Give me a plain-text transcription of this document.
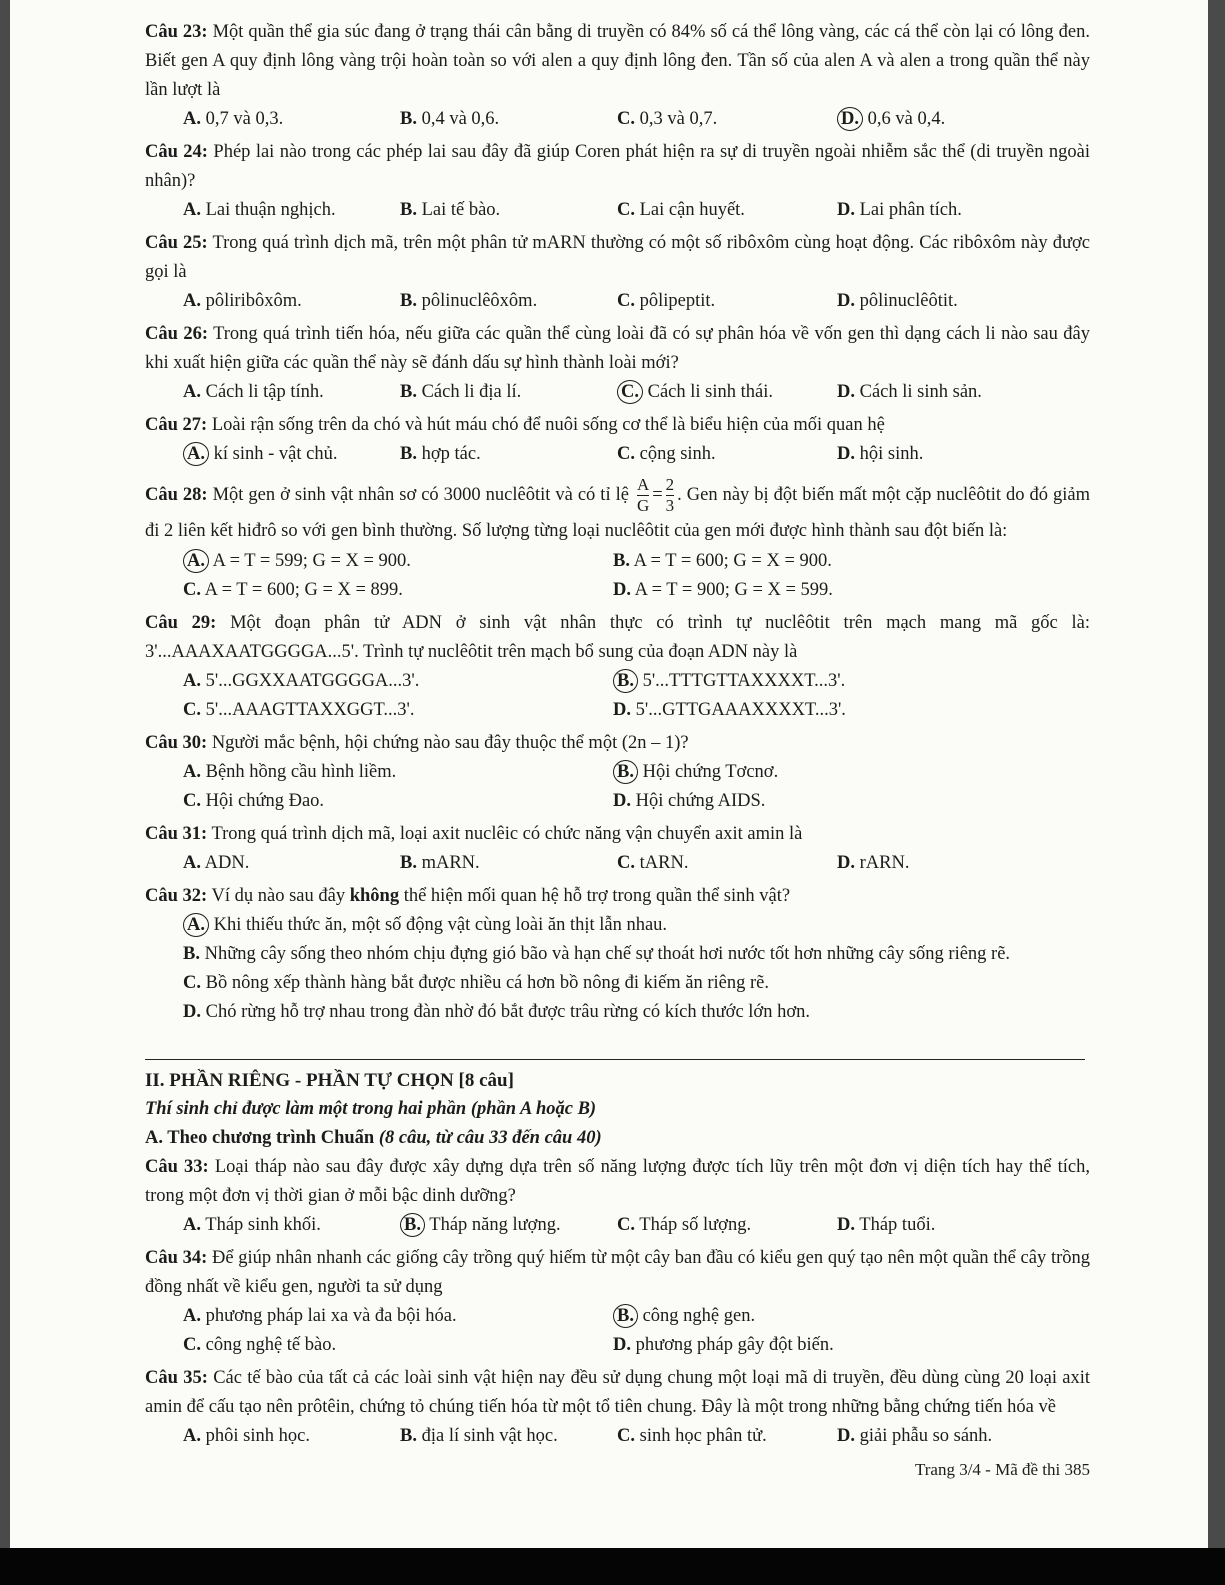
Câu 23: Một quần thể gia súc đang ở trạng thái cân bằng di truyền có 84% số cá thể lông vàng, các cá thể còn lại có lông đen. Biết gen A quy định lông vàng trội hoàn toàn so với alen a quy định lông đen. Tần số của alen A và alen a trong quần thể này lần lượt là

A. 0,7 và 0,3.	B. 0,4 và 0,6.	C. 0,3 và 0,7.	D. 0,6 và 0,4.

Câu 24: Phép lai nào trong các phép lai sau đây đã giúp Coren phát hiện ra sự di truyền ngoài nhiễm sắc thể (di truyền ngoài nhân)?

A. Lai thuận nghịch.	B. Lai tế bào.	C. Lai cận huyết.	D. Lai phân tích.

Câu 25: Trong quá trình dịch mã, trên một phân tử mARN thường có một số ribôxôm cùng hoạt động. Các ribôxôm này được gọi là

A. pôliribôxôm.	B. pôlinuclêôxôm.	C. pôlipeptit.	D. pôlinuclêôtit.

Câu 26: Trong quá trình tiến hóa, nếu giữa các quần thể cùng loài đã có sự phân hóa về vốn gen thì dạng cách li nào sau đây khi xuất hiện giữa các quần thể này sẽ đánh dấu sự hình thành loài mới?

A. Cách li tập tính.	B. Cách li địa lí.	C. Cách li sinh thái.	D. Cách li sinh sản.

Câu 27: Loài rận sống trên da chó và hút máu chó để nuôi sống cơ thể là biểu hiện của mối quan hệ

A. kí sinh - vật chủ.	B. hợp tác.	C. cộng sinh.	D. hội sinh.

Câu 28: Một gen ở sinh vật nhân sơ có 3000 nuclêôtit và có tỉ lệ $\frac{A}{G} = \frac{2}{3}$ . Gen này bị đột biến mất một cặp nuclêôtit do đó giảm đi 2 liên kết hiđrô so với gen bình thường. Số lượng từng loại nuclêôtit của gen mới được hình thành sau đột biến là:

A. A = T = 599; G = X = 900.	B. A = T = 600; G = X = 900.
C. A = T = 600; G = X = 899.	D. A = T = 900; G = X = 599.

Câu 29: Một đoạn phân tử ADN ở sinh vật nhân thực có trình tự nuclêôtit trên mạch mang mã gốc là: 3'...AAAXAATGGGGA...5'. Trình tự nuclêôtit trên mạch bổ sung của đoạn ADN này là

A. 5'...GGXXAATGGGGA...3'.	B. 5'...TTTGTTAXXXXT...3'.
C. 5'...AAAGTTAXXGGT...3'.	D. 5'...GTTGAAAXXXXT...3'.

Câu 30: Người mắc bệnh, hội chứng nào sau đây thuộc thể một (2n – 1)?

A. Bệnh hồng cầu hình liềm.	B. Hội chứng Tơcnơ.
C. Hội chứng Đao.	D. Hội chứng AIDS.

Câu 31: Trong quá trình dịch mã, loại axit nuclêic có chức năng vận chuyển axit amin là

A. ADN.	B. mARN.	C. tARN.	D. rARN.

Câu 32: Ví dụ nào sau đây không thể hiện mối quan hệ hỗ trợ trong quần thể sinh vật?

A. Khi thiếu thức ăn, một số động vật cùng loài ăn thịt lẫn nhau.
B. Những cây sống theo nhóm chịu đựng gió bão và hạn chế sự thoát hơi nước tốt hơn những cây sống riêng rẽ.
C. Bồ nông xếp thành hàng bắt được nhiều cá hơn bồ nông đi kiếm ăn riêng rẽ.
D. Chó rừng hỗ trợ nhau trong đàn nhờ đó bắt được trâu rừng có kích thước lớn hơn.

II. PHẦN RIÊNG - PHẦN TỰ CHỌN [8 câu]

Thí sinh chỉ được làm một trong hai phần (phần A hoặc B)

A. Theo chương trình Chuẩn (8 câu, từ câu 33 đến câu 40)

Câu 33: Loại tháp nào sau đây được xây dựng dựa trên số năng lượng được tích lũy trên một đơn vị diện tích hay thể tích, trong một đơn vị thời gian ở mỗi bậc dinh dưỡng?

A. Tháp sinh khối.	B. Tháp năng lượng.	C. Tháp số lượng.	D. Tháp tuổi.

Câu 34: Để giúp nhân nhanh các giống cây trồng quý hiếm từ một cây ban đầu có kiểu gen quý tạo nên một quần thể cây trồng đồng nhất về kiểu gen, người ta sử dụng

A. phương pháp lai xa và đa bội hóa.	B. công nghệ gen.
C. công nghệ tế bào.	D. phương pháp gây đột biến.

Câu 35: Các tế bào của tất cả các loài sinh vật hiện nay đều sử dụng chung một loại mã di truyền, đều dùng cùng 20 loại axit amin để cấu tạo nên prôtêin, chứng tỏ chúng tiến hóa từ một tổ tiên chung. Đây là một trong những bằng chứng tiến hóa về

A. phôi sinh học.	B. địa lí sinh vật học.	C. sinh học phân tử.	D. giải phẫu so sánh.
Trang 3/4 - Mã đề thi 385
